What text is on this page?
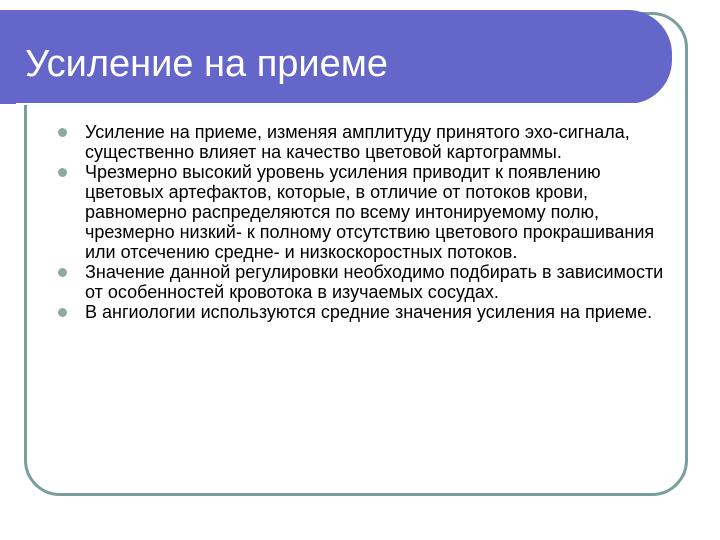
Усиление на приеме
Усиление на приеме, изменяя амплитуду принятого эхо-сигнала, существенно влияет на качество цветовой картограммы.
Чрезмерно высокий уровень усиления приводит к появлению цветовых артефактов, которые, в отличие от потоков крови, равномерно распределяются по всему интонируемому полю, чрезмерно низкий- к полному отсутствию цветового прокрашивания или отсечению средне- и низкоскоростных потоков.
Значение данной регулировки необходимо подбирать в зависимости от особенностей кровотока в изучаемых сосудах.
В ангиологии используются средние значения усиления на приеме.
